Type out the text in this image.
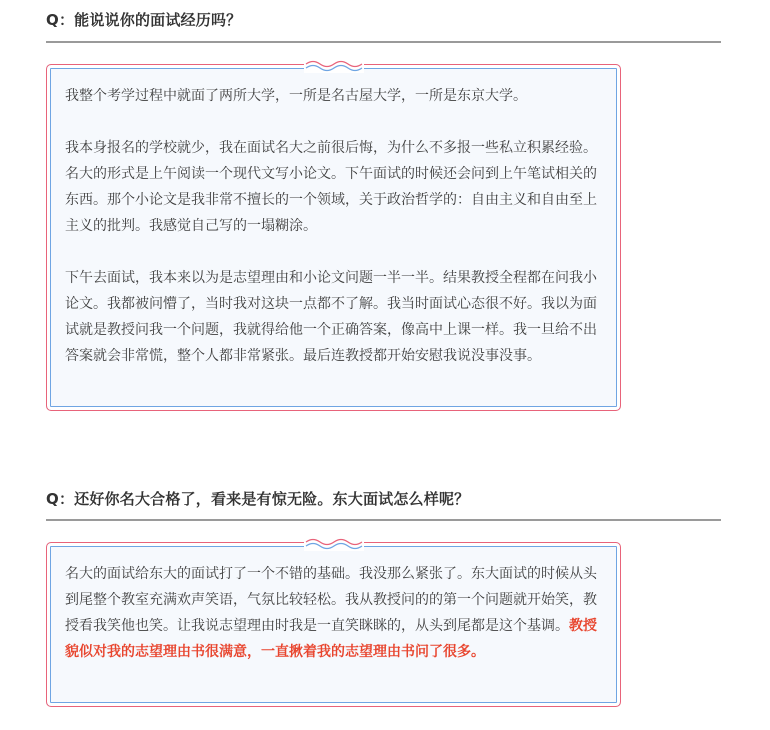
Q：能说说你的面试经历吗？

我整个考学过程中就面了两所大学，一所是名古屋大学，一所是东京大学。

我本身报名的学校就少，我在面试名大之前很后悔，为什么不多报一些私立积累经验。名大的形式是上午阅读一个现代文写小论文。下午面试的时候还会问到上午笔试相关的东西。那个小论文是我非常不擅长的一个领域，关于政治哲学的：自由主义和自由至上主义的批判。我感觉自己写的一塌糊涂。

下午去面试，我本来以为是志望理由和小论文问题一半一半。结果教授全程都在问我小论文。我都被问懵了，当时我对这块一点都不了解。我当时面试心态很不好。我以为面试就是教授问我一个问题，我就得给他一个正确答案，像高中上课一样。我一旦给不出答案就会非常慌，整个人都非常紧张。最后连教授都开始安慰我说没事没事。

Q：还好你名大合格了，看来是有惊无险。东大面试怎么样呢？

名大的面试给东大的面试打了一个不错的基础。我没那么紧张了。东大面试的时候从头到尾整个教室充满欢声笑语，气氛比较轻松。我从教授问的的第一个问题就开始笑，教授看我笑他也笑。让我说志望理由时我是一直笑眯眯的，从头到尾都是这个基调。教授貌似对我的志望理由书很满意，一直揪着我的志望理由书问了很多。
